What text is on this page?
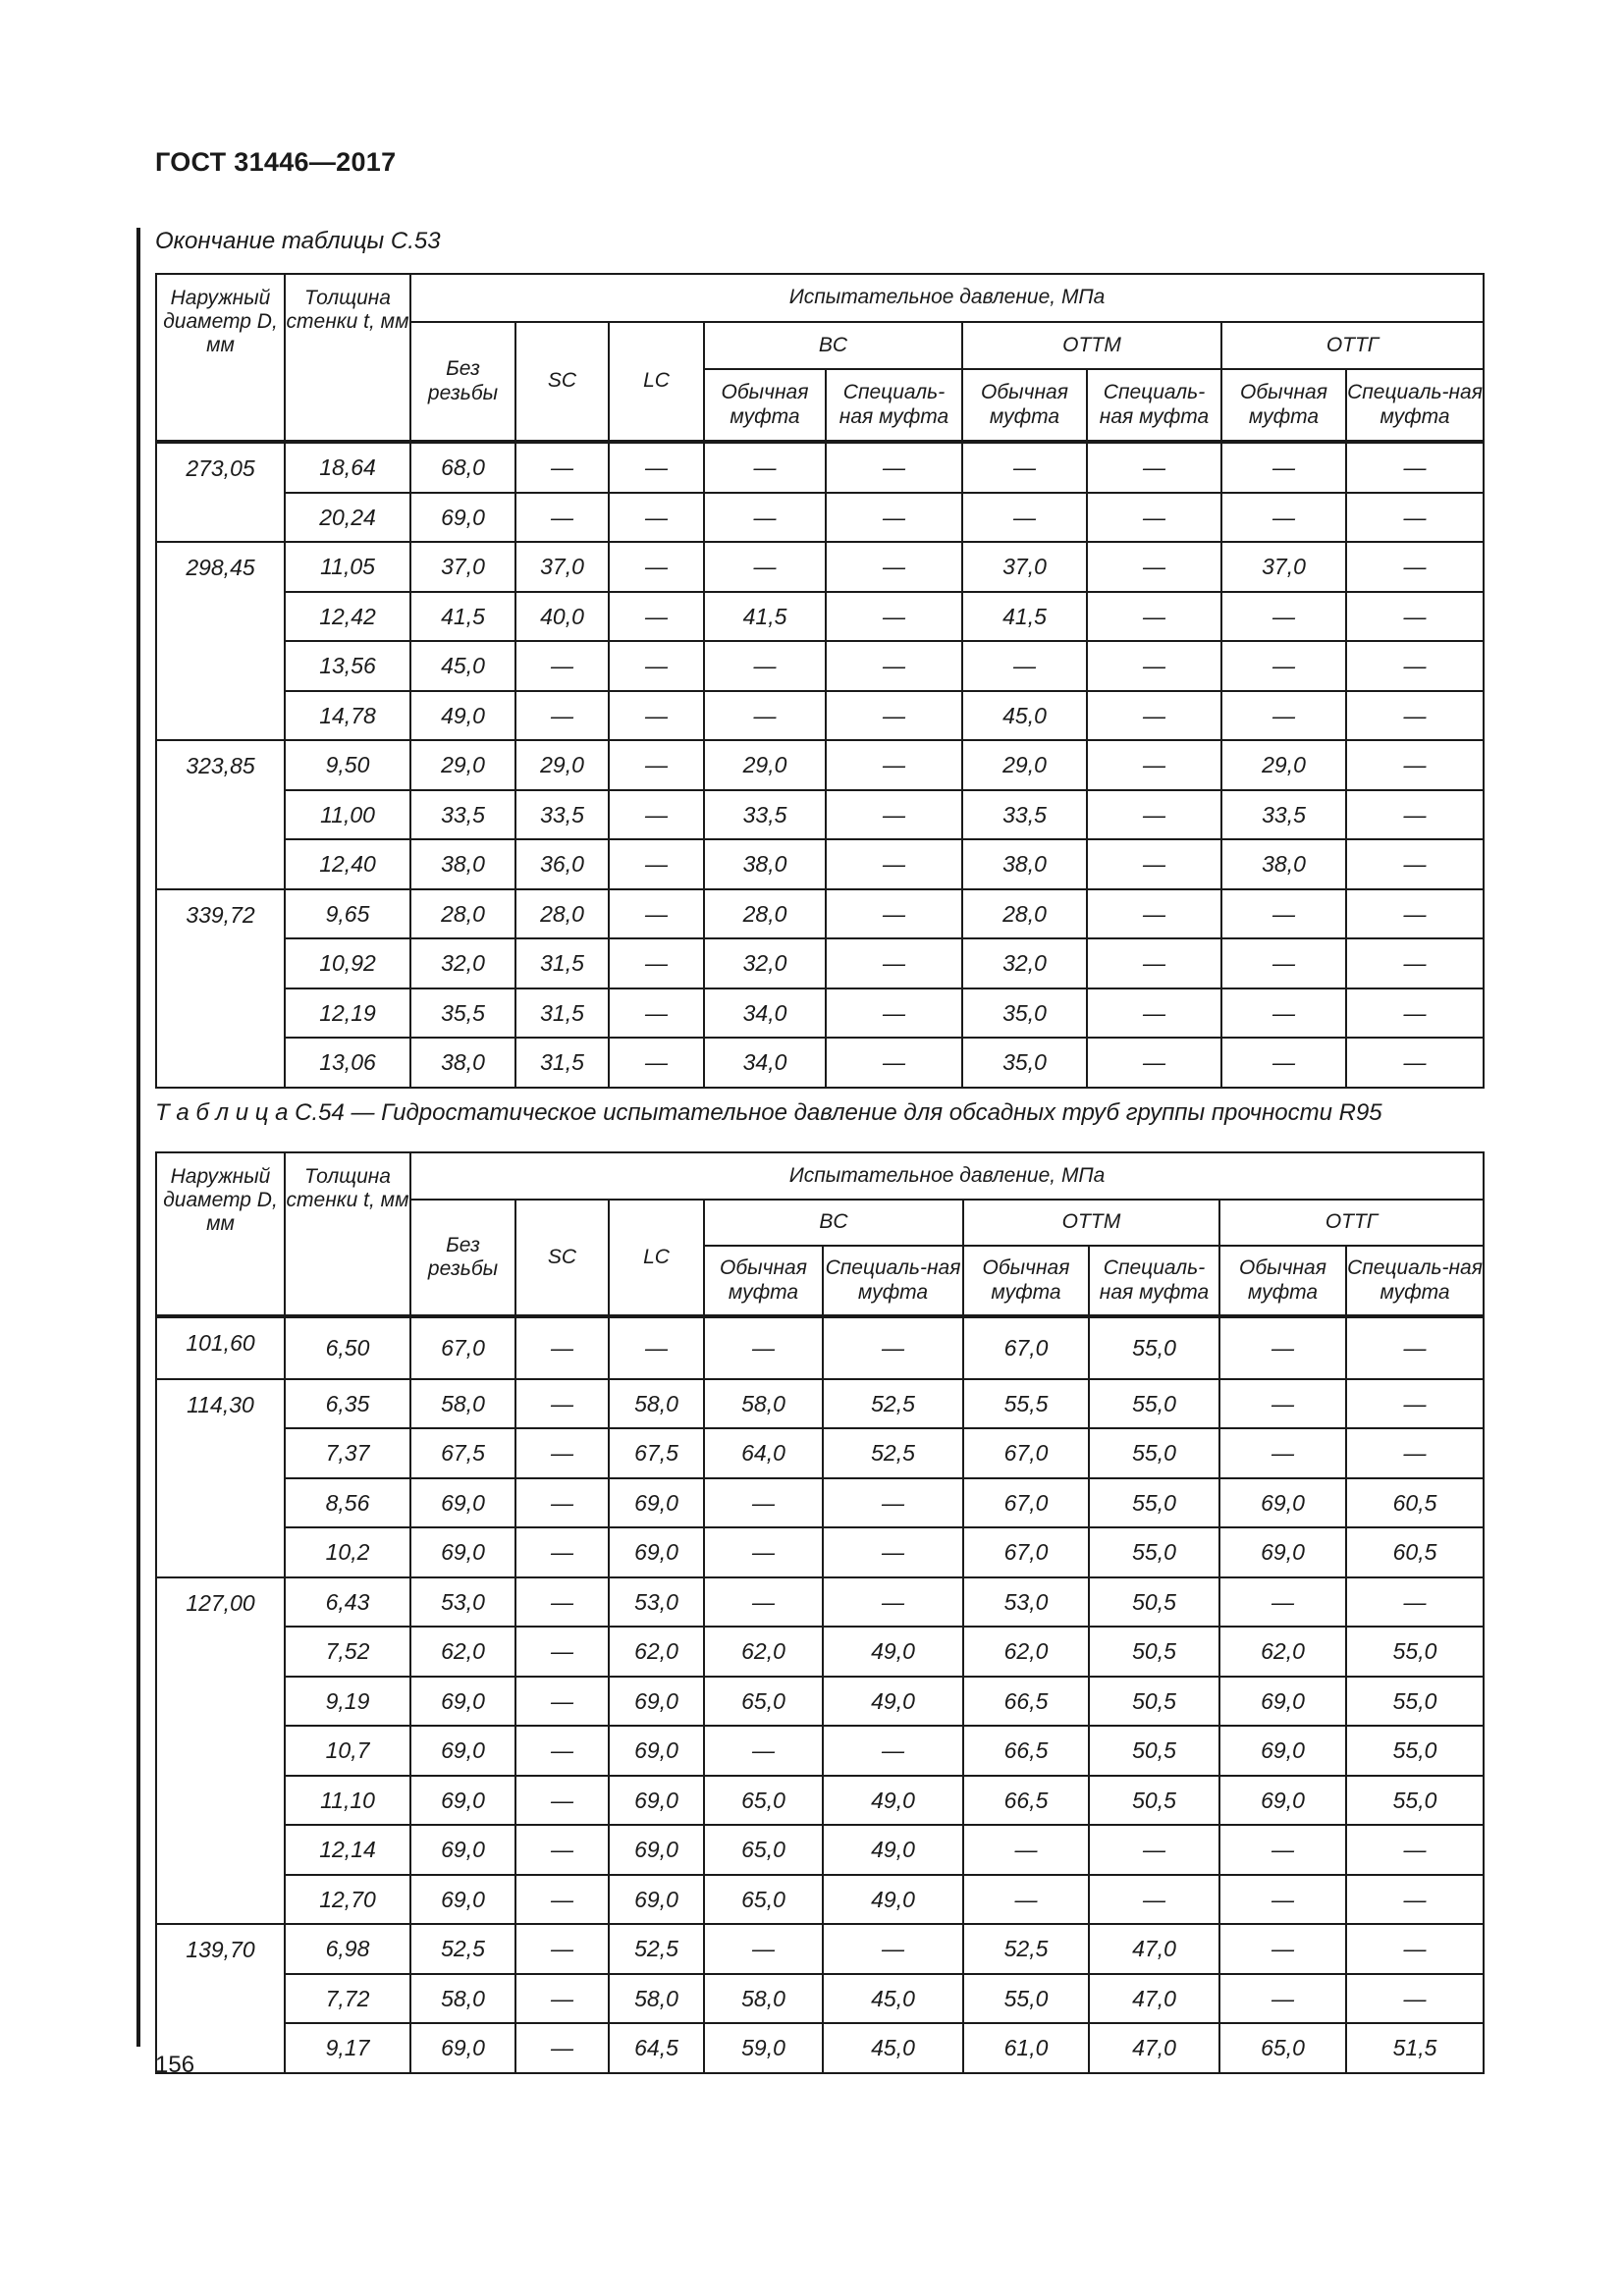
ГОСТ 31446—2017
Окончание таблицы С.53
Наружный диаметр D, мм	Толщина стенки t, мм	Испытательное давление, МПа								
		Без резьбы	SC	LC	BC		ОТТМ		ОТТГ	
					Обычная муфта	Специаль-ная муфта	Обычная муфта	Специаль-ная муфта	Обычная муфта	Специаль-ная муфта
273,05	18,64	68,0	—	—	—	—	—	—	—	—
	20,24	69,0	—	—	—	—	—	—	—	—
298,45	11,05	37,0	37,0	—	—	—	37,0	—	37,0	—
	12,42	41,5	40,0	—	41,5	—	41,5	—	—	—
	13,56	45,0	—	—	—	—	—	—	—	—
	14,78	49,0	—	—	—	—	45,0	—	—	—
323,85	9,50	29,0	29,0	—	29,0	—	29,0	—	29,0	—
	11,00	33,5	33,5	—	33,5	—	33,5	—	33,5	—
	12,40	38,0	36,0	—	38,0	—	38,0	—	38,0	—
339,72	9,65	28,0	28,0	—	28,0	—	28,0	—	—	—
	10,92	32,0	31,5	—	32,0	—	32,0	—	—	—
	12,19	35,5	31,5	—	34,0	—	35,0	—	—	—
	13,06	38,0	31,5	—	34,0	—	35,0	—	—	—
Т а б л и ц а С.54 — Гидростатическое испытательное давление для обсадных труб группы прочности R95
Наружный диаметр D, мм	Толщина стенки t, мм	Испытательное давление, МПа								
		Без резьбы	SC	LC	BC		ОТТМ		ОТТГ	
					Обычная муфта	Специаль-ная муфта	Обычная муфта	Специаль-ная муфта	Обычная муфта	Специаль-ная муфта
101,60	6,50	67,0	—	—	—	—	67,0	55,0	—	—
114,30	6,35	58,0	—	58,0	58,0	52,5	55,5	55,0	—	—
	7,37	67,5	—	67,5	64,0	52,5	67,0	55,0	—	—
	8,56	69,0	—	69,0	—	—	67,0	55,0	69,0	60,5
	10,2	69,0	—	69,0	—	—	67,0	55,0	69,0	60,5
127,00	6,43	53,0	—	53,0	—	—	53,0	50,5	—	—
	7,52	62,0	—	62,0	62,0	49,0	62,0	50,5	62,0	55,0
	9,19	69,0	—	69,0	65,0	49,0	66,5	50,5	69,0	55,0
	10,7	69,0	—	69,0	—	—	66,5	50,5	69,0	55,0
	11,10	69,0	—	69,0	65,0	49,0	66,5	50,5	69,0	55,0
	12,14	69,0	—	69,0	65,0	49,0	—	—	—	—
	12,70	69,0	—	69,0	65,0	49,0	—	—	—	—
139,70	6,98	52,5	—	52,5	—	—	52,5	47,0	—	—
	7,72	58,0	—	58,0	58,0	45,0	55,0	47,0	—	—
	9,17	69,0	—	64,5	59,0	45,0	61,0	47,0	65,0	51,5
156
